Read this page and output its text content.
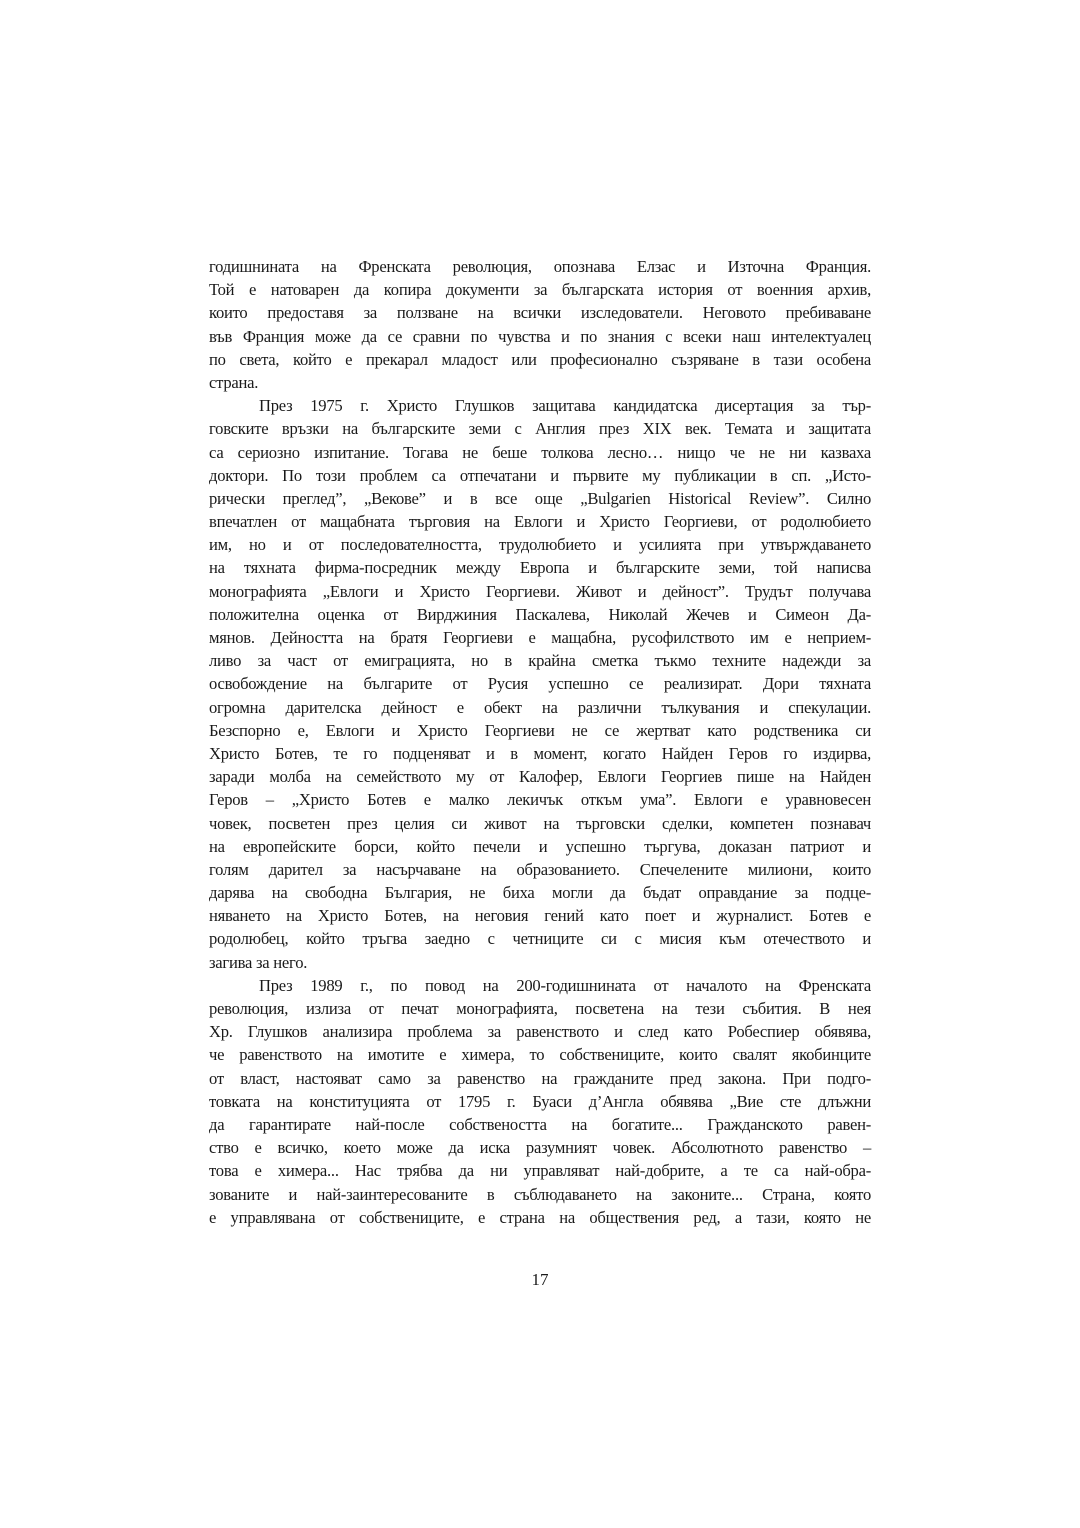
годишнината на Френската революция, опознава Елзас и Източна Франция.
Той е натоварен да копира документи за българската история от военния архив,
които предоставя за ползване на всички изследователи. Неговото пребиваване
във Франция може да се сравни по чувства и по знания с всеки наш интелектуалец
по света, който е прекарал младост или професионално съзряване в тази особена
страна.
През 1975 г. Христо Глушков защитава кандидатска дисертация за тър-
говските връзки на българските земи с Англия през XIX век. Темата и защитата
са сериозно изпитание. Тогава не беше толкова лесно… нищо че не ни казваха
доктори. По този проблем са отпечатани и първите му публикации в сп. „Исто-
рически преглед”, „Векове” и в все още „Bulgarien Historical Review”. Силно
впечатлен от мащабната търговия на Евлоги и Христо Георгиеви, от родолюбието
им, но и от последователността, трудолюбието и усилията при утвърждаването
на тяхната фирма-посредник между Европа и българските земи, той написва
монографията „Евлоги и Христо Георгиеви. Живот и дейност”. Трудът получава
положителна оценка от Вирджиния Паскалева, Николай Жечев и Симеон Да-
мянов. Дейността на братя Георгиеви е мащабна, русофилството им е неприем-
ливо за част от емиграцията, но в крайна сметка тъкмо техните надежди за
освобождение на българите от Русия успешно се реализират. Дори тяхната
огромна дарителска дейност е обект на различни тълкувания и спекулации.
Безспорно е, Евлоги и Христо Георгиеви не се жертват като родственика си
Христо Ботев, те го подценяват и в момент, когато Найден Геров го издирва,
заради молба на семейството му от Калофер, Евлоги Георгиев пише на Найден
Геров – „Христо Ботев е малко лекичък откъм ума”. Евлоги е уравновесен
човек, посветен през целия си живот на търговски сделки, компетен познавач
на европейските борси, който печели и успешно търгува, доказан патриот и
голям дарител за насърчаване на образованието. Спечелените милиони, които
дарява на свободна България, не биха могли да бъдат оправдание за подце-
няването на Христо Ботев, на неговия гений като поет и журналист. Ботев е
родолюбец, който тръгва заедно с четниците си с мисия към отечеството и
загива за него.
През 1989 г., по повод на 200-годишнината от началото на Френската
революция, излиза от печат монографията, посветена на тези събития. В нея
Хр. Глушков анализира проблема за равенството и след като Робеспиер обявява,
че равенството на имотите е химера, то собствениците, които свалят якобинците
от власт, настояват само за равенство на гражданите пред закона. При подго-
товката на конституцията от 1795 г. Буаси д’Англа обявява „Вие сте длъжни
да гарантирате най-после собствеността на богатите... Гражданското равен-
ство е всичко, което може да иска разумният човек. Абсолютното равенство –
това е химера... Нас трябва да ни управляват най-добрите, а те са най-обра-
зованите и най-заинтересованите в съблюдаването на законите... Страна, която
е управлявана от собствениците, е страна на обществения ред, а тази, която не
17
